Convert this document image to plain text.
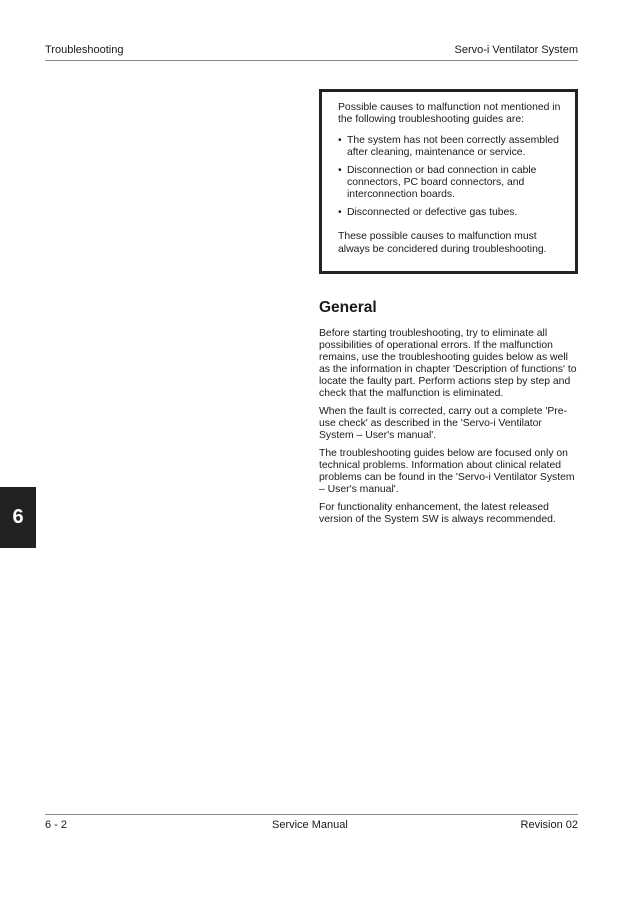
Troubleshooting	Servo-i Ventilator System

Possible causes to malfunction not mentioned in the following troubleshooting guides are:

• The system has not been correctly assembled after cleaning, maintenance or service.
• Disconnection or bad connection in cable connectors, PC board connectors, and interconnection boards.
• Disconnected or defective gas tubes.

These possible causes to malfunction must always be concidered during troubleshooting.

General

Before starting troubleshooting, try to eliminate all possibilities of operational errors. If the malfunction remains, use the troubleshooting guides below as well as the information in chapter 'Description of functions' to locate the faulty part. Perform actions step by step and check that the malfunction is eliminated.

When the fault is corrected, carry out a complete 'Pre-use check' as described in the 'Servo-i Ventilator System – User's manual'.

The troubleshooting guides below are focused only on technical problems. Information about clinical related problems can be found in the 'Servo-i Ventilator System – User's manual'.

For functionality enhancement, the latest released version of the System SW is always recommended.

6
6 - 2	Service Manual	Revision 02
